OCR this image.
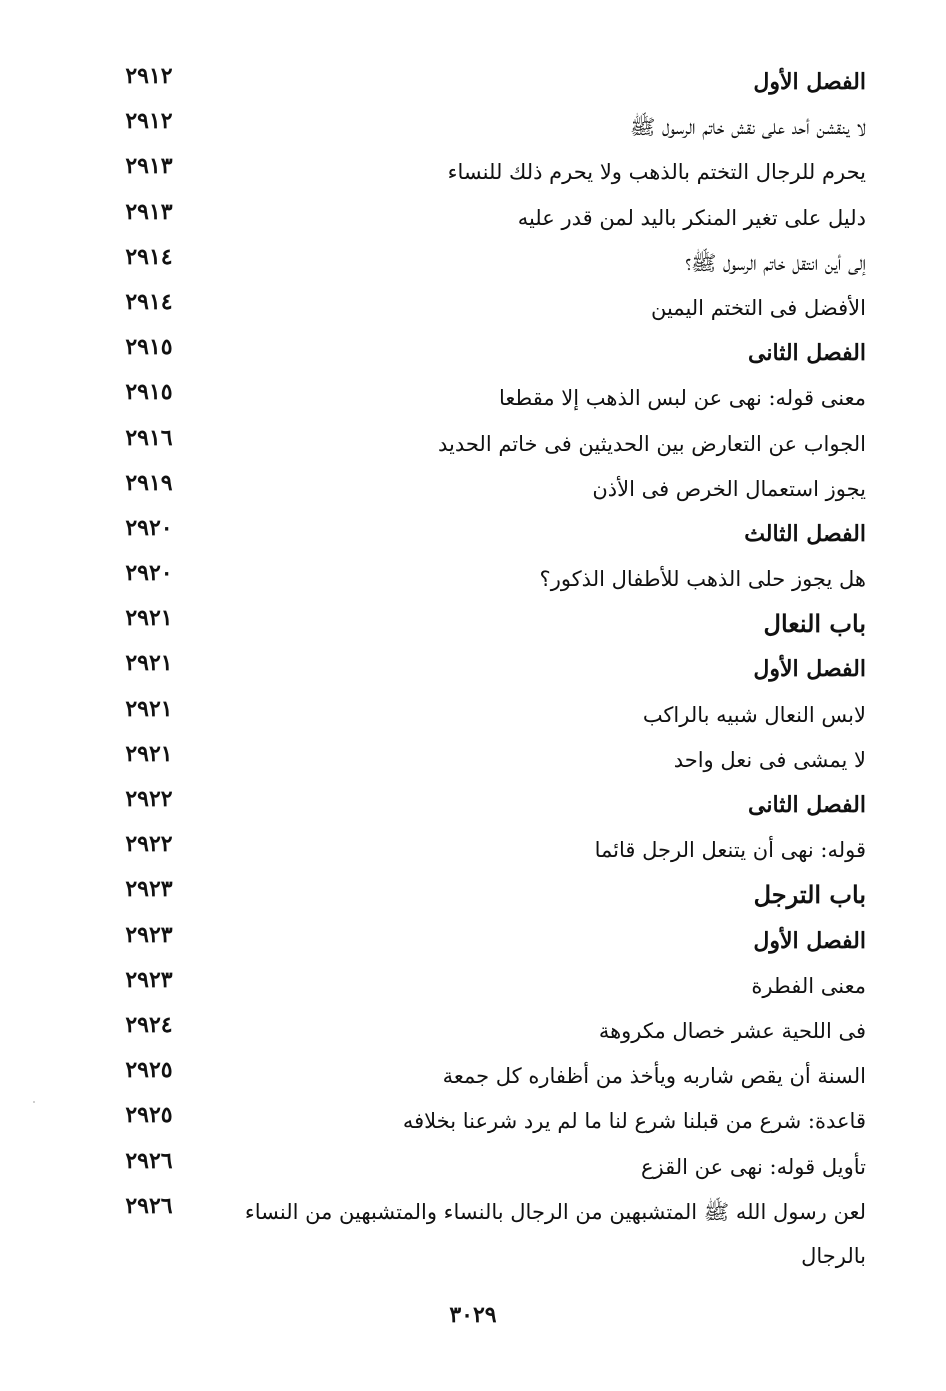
الفصل الأول
٢٩١٢
لا ينقشن أحد على نقش خاتم الرسول ﷺ
٢٩١٢
يحرم للرجال التختم بالذهب ولا يحرم ذلك للنساء
٢٩١٣
دليل على تغير المنكر باليد لمن قدر عليه
٢٩١٣
إلى أين انتقل خاتم الرسول ﷺ؟
٢٩١٤
الأفضل فى التختم اليمين
٢٩١٤
الفصل الثانى
٢٩١٥
معنى قوله: نهى عن لبس الذهب إلا مقطعا
٢٩١٥
الجواب عن التعارض بين الحديثين فى خاتم الحديد
٢٩١٦
يجوز استعمال الخرص فى الأذن
٢٩١٩
الفصل الثالث
٢٩٢٠
هل يجوز حلى الذهب للأطفال الذكور؟
٢٩٢٠
باب النعال
٢٩٢١
الفصل الأول
٢٩٢١
لابس النعال شبيه بالراكب
٢٩٢١
لا يمشى فى نعل واحد
٢٩٢١
الفصل الثانى
٢٩٢٢
قوله: نهى أن يتنعل الرجل قائما
٢٩٢٢
باب الترجل
٢٩٢٣
الفصل الأول
٢٩٢٣
معنى الفطرة
٢٩٢٣
فى اللحية عشر خصال مكروهة
٢٩٢٤
السنة أن يقص شاربه ويأخذ من أظفاره كل جمعة
٢٩٢٥
قاعدة: شرع من قبلنا شرع لنا ما لم يرد شرعنا بخلافه
٢٩٢٥
تأويل قوله: نهى عن القزع
٢٩٢٦
لعن رسول الله ﷺ المتشبهين من الرجال بالنساء والمتشبهين من النساء بالرجال
٢٩٢٦
٣٠٢٩
